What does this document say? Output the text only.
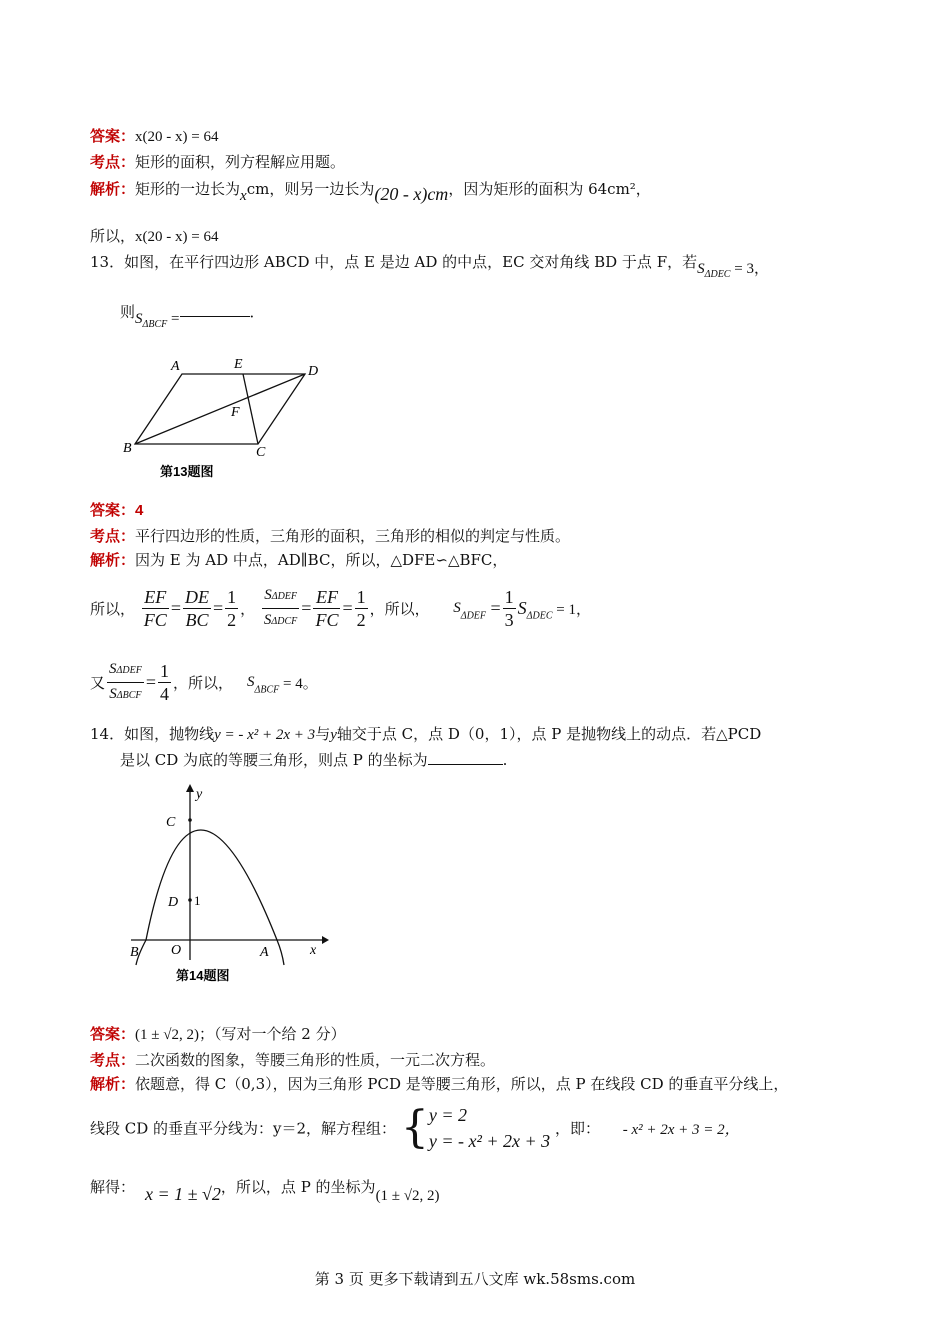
答案：x(20 - x) = 64
考点：矩形的面积，列方程解应用题。
解析：矩形的一边长为xcm，则另一边长为(20 - x)cm，因为矩形的面积为 64cm²，
所以，x(20 - x) = 64
13．如图，在平行四边形 ABCD 中，点 E 是边 AD 的中点，EC 交对角线 BD 于点 F，若$S_{\Delta DEC} = 3$，
则$S_{\Delta BCF}$ =	．
A	E	D
F
B	C
第13题图
答案：4
考点：平行四边形的性质，三角形的面积，三角形的相似的判定与性质。
解析：因为 E 为 AD 中点，AD∥BC，所以，△DFE∽△BFC，
所以， $\frac{EF}{FC} = \frac{DE}{BC} = \frac{1}{2}$ ， $\frac{\text{SΔDEF}}{\text{SΔDCF}} = \frac{EF}{FC} = \frac{1}{2}$ ，所以， $S_{\Delta DEF} = \frac{1}{3} S_{\Delta DEC} = 1$，
又 $\frac{\text{SΔDEF}}{\text{SΔBCF}} = \frac{1}{4}$ ，所以， $S_{\Delta BCF} = 4$。
14．如图，抛物线y = - x² + 2x + 3与y轴交于点 C，点 D（0，1），点 P 是抛物线上的动点．若△PCD
是以 CD 为底的等腰三角形，则点 P 的坐标为	.
y
C
D 1
B O	A	x
第14题图
答案：(1 ± √2, 2)；（写对一个给 2 分）
考点：二次函数的图象，等腰三角形的性质，一元二次方程。
解析：依题意，得 C（0,3），因为三角形 PCD 是等腰三角形，所以，点 P 在线段 CD 的垂直平分线上，
线段 CD 的垂直平分线为：y＝2，解方程组： { y = 2
y = - x² + 2x + 3
，即： - x² + 2x + 3 = 2，
解得： x = 1 ± √2，所以，点 P 的坐标为(1 ± √2, 2)
第 3 页 更多下载请到五八文库 wk.58sms.com
